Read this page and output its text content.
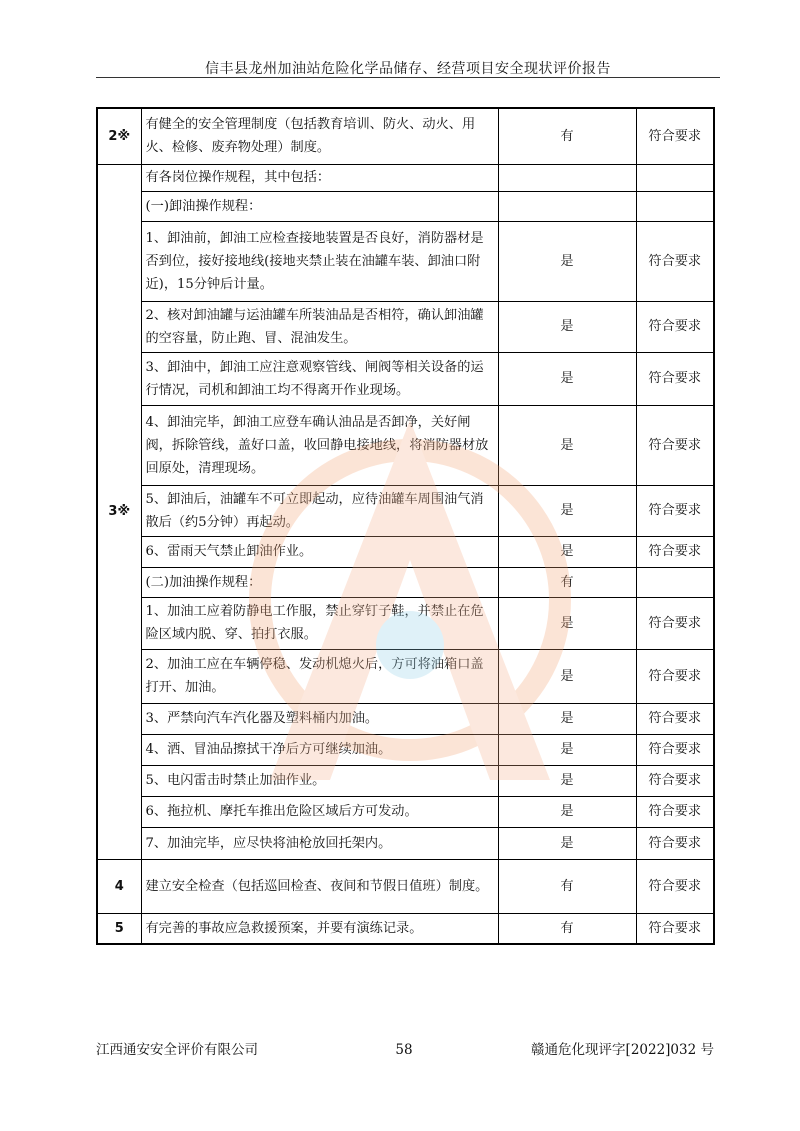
信丰县龙州加油站危险化学品储存、经营项目安全现状评价报告
2※	有健全的安全管理制度（包括教育培训、防火、动火、用火、检修、废弃物处理）制度。	有	符合要求
3※	有各岗位操作规程，其中包括：		
	(一)卸油操作规程：		
	1、卸油前，卸油工应检查接地装置是否良好，消防器材是否到位，接好接地线(接地夹禁止装在油罐车装、卸油口附近)，15分钟后计量。	是	符合要求
	2、核对卸油罐与运油罐车所装油品是否相符，确认卸油罐的空容量，防止跑、冒、混油发生。	是	符合要求
	3、卸油中，卸油工应注意观察管线、闸阀等相关设备的运行情况，司机和卸油工均不得离开作业现场。	是	符合要求
	4、卸油完毕，卸油工应登车确认油品是否卸净，关好闸阀，拆除管线，盖好口盖，收回静电接地线，将消防器材放回原处，清理现场。	是	符合要求
	5、卸油后，油罐车不可立即起动，应待油罐车周围油气消散后（约5分钟）再起动。	是	符合要求
	6、雷雨天气禁止卸油作业。	是	符合要求
	(二)加油操作规程：	有	
	1、加油工应着防静电工作服，禁止穿钉子鞋，并禁止在危险区域内脱、穿、拍打衣服。	是	符合要求
	2、加油工应在车辆停稳、发动机熄火后，方可将油箱口盖打开、加油。	是	符合要求
	3、严禁向汽车汽化器及塑料桶内加油。	是	符合要求
	4、洒、冒油品擦拭干净后方可继续加油。	是	符合要求
	5、电闪雷击时禁止加油作业。	是	符合要求
	6、拖拉机、摩托车推出危险区域后方可发动。	是	符合要求
	7、加油完毕，应尽快将油枪放回托架内。	是	符合要求
4	建立安全检查（包括巡回检查、夜间和节假日值班）制度。	有	符合要求
5	有完善的事故应急救援预案，并要有演练记录。	有	符合要求
江西通安安全评价有限公司	58	赣通危化现评字[2022]032 号
